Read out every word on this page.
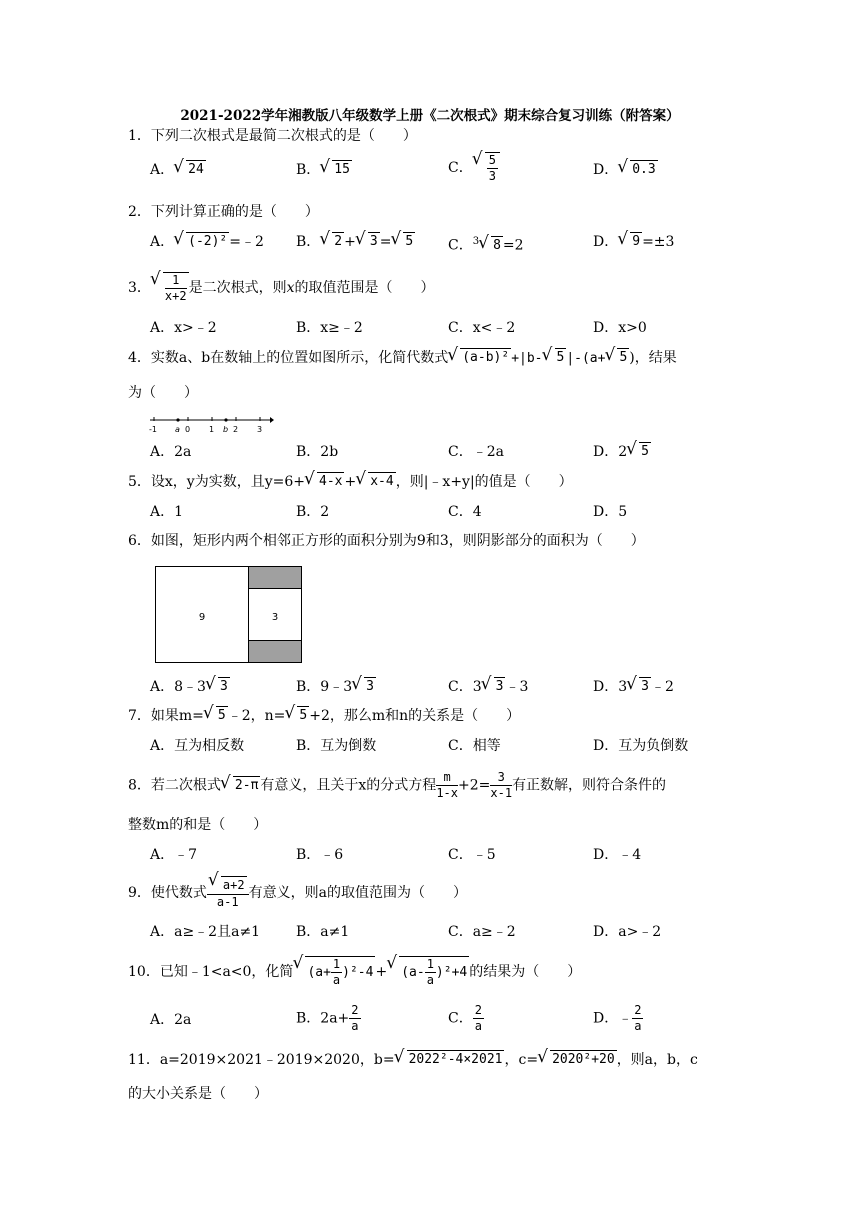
2021-2022学年湘教版八年级数学上册《二次根式》期末综合复习训练（附答案）
1．下列二次根式是最简二次根式的是（　　）
A． √ 24	B． √ 15	C． √ $\frac{5}{3}$	D． √ 0.3
2．下列计算正确的是（　　）
A． √ (-2)² =﹣2 B． √ 2 + √ 3 = √ 5 C．$^3$ √ 8 =2	D． √ 9 =±3
3． √ $\frac{1}{x+2}$ 是二次根式，则x的取值范围是（　　）
A．x>﹣2	B．x≥﹣2	C．x<﹣2	D．x>0
4．实数a、b在数轴上的位置如图所示，化简代数式 √ (a-b)² +|b- √ 5 |-(a+ √ 5 )，结果
为（　　）
-1 a 0 1 b 2 3
A．2a	B．2b	C．﹣2a	D．2 √ 5
5．设x，y为实数，且y=6+ √ 4-x + √ x-4 ，则|﹣x+y|的值是（　　）
A．1	B．2	C．4	D．5
6．如图，矩形内两个相邻正方形的面积分别为9和3，则阴影部分的面积为（　　）
9	3
A．8﹣3 √ 3	B．9﹣3 √ 3	C．3 √ 3 ﹣3	D．3 √ 3 ﹣2
7．如果m= √ 5 ﹣2，n= √ 5 +2，那么m和n的关系是（　　）
A．互为相反数	B．互为倒数	C．相等	D．互为负倒数
8．若二次根式 √ 2-π 有意义，且关于x的分式方程 $\frac{m}{1-x} +2= \frac{3}{x-1}$ 有正数解，则符合条件的
整数m的和是（　　）
A．﹣7	B．﹣6	C．﹣5	D．﹣4
9．使代数式 √ $\frac{a+2}{a-1}$ 有意义，则a的取值范围为（　　）
A．a≥﹣2且a≠1	B．a≠1	C．a≥﹣2	D．a>﹣2
10．已知﹣1<a<0，化简 √ $(a+ \frac{1}{a} )^2-4$ + √ $(a- \frac{1}{a} )^2+4$ 的结果为（　　）
A．2a	B．$2a+ \frac{2}{a}$	C． $\frac{2}{a}$	D．﹣ $\frac{2}{a}$
11．a=2019×2021﹣2019×2020，b= √ 2022²-4×2021 ，c= √ 2020²+20 ，则a，b，c
的大小关系是（　　）
